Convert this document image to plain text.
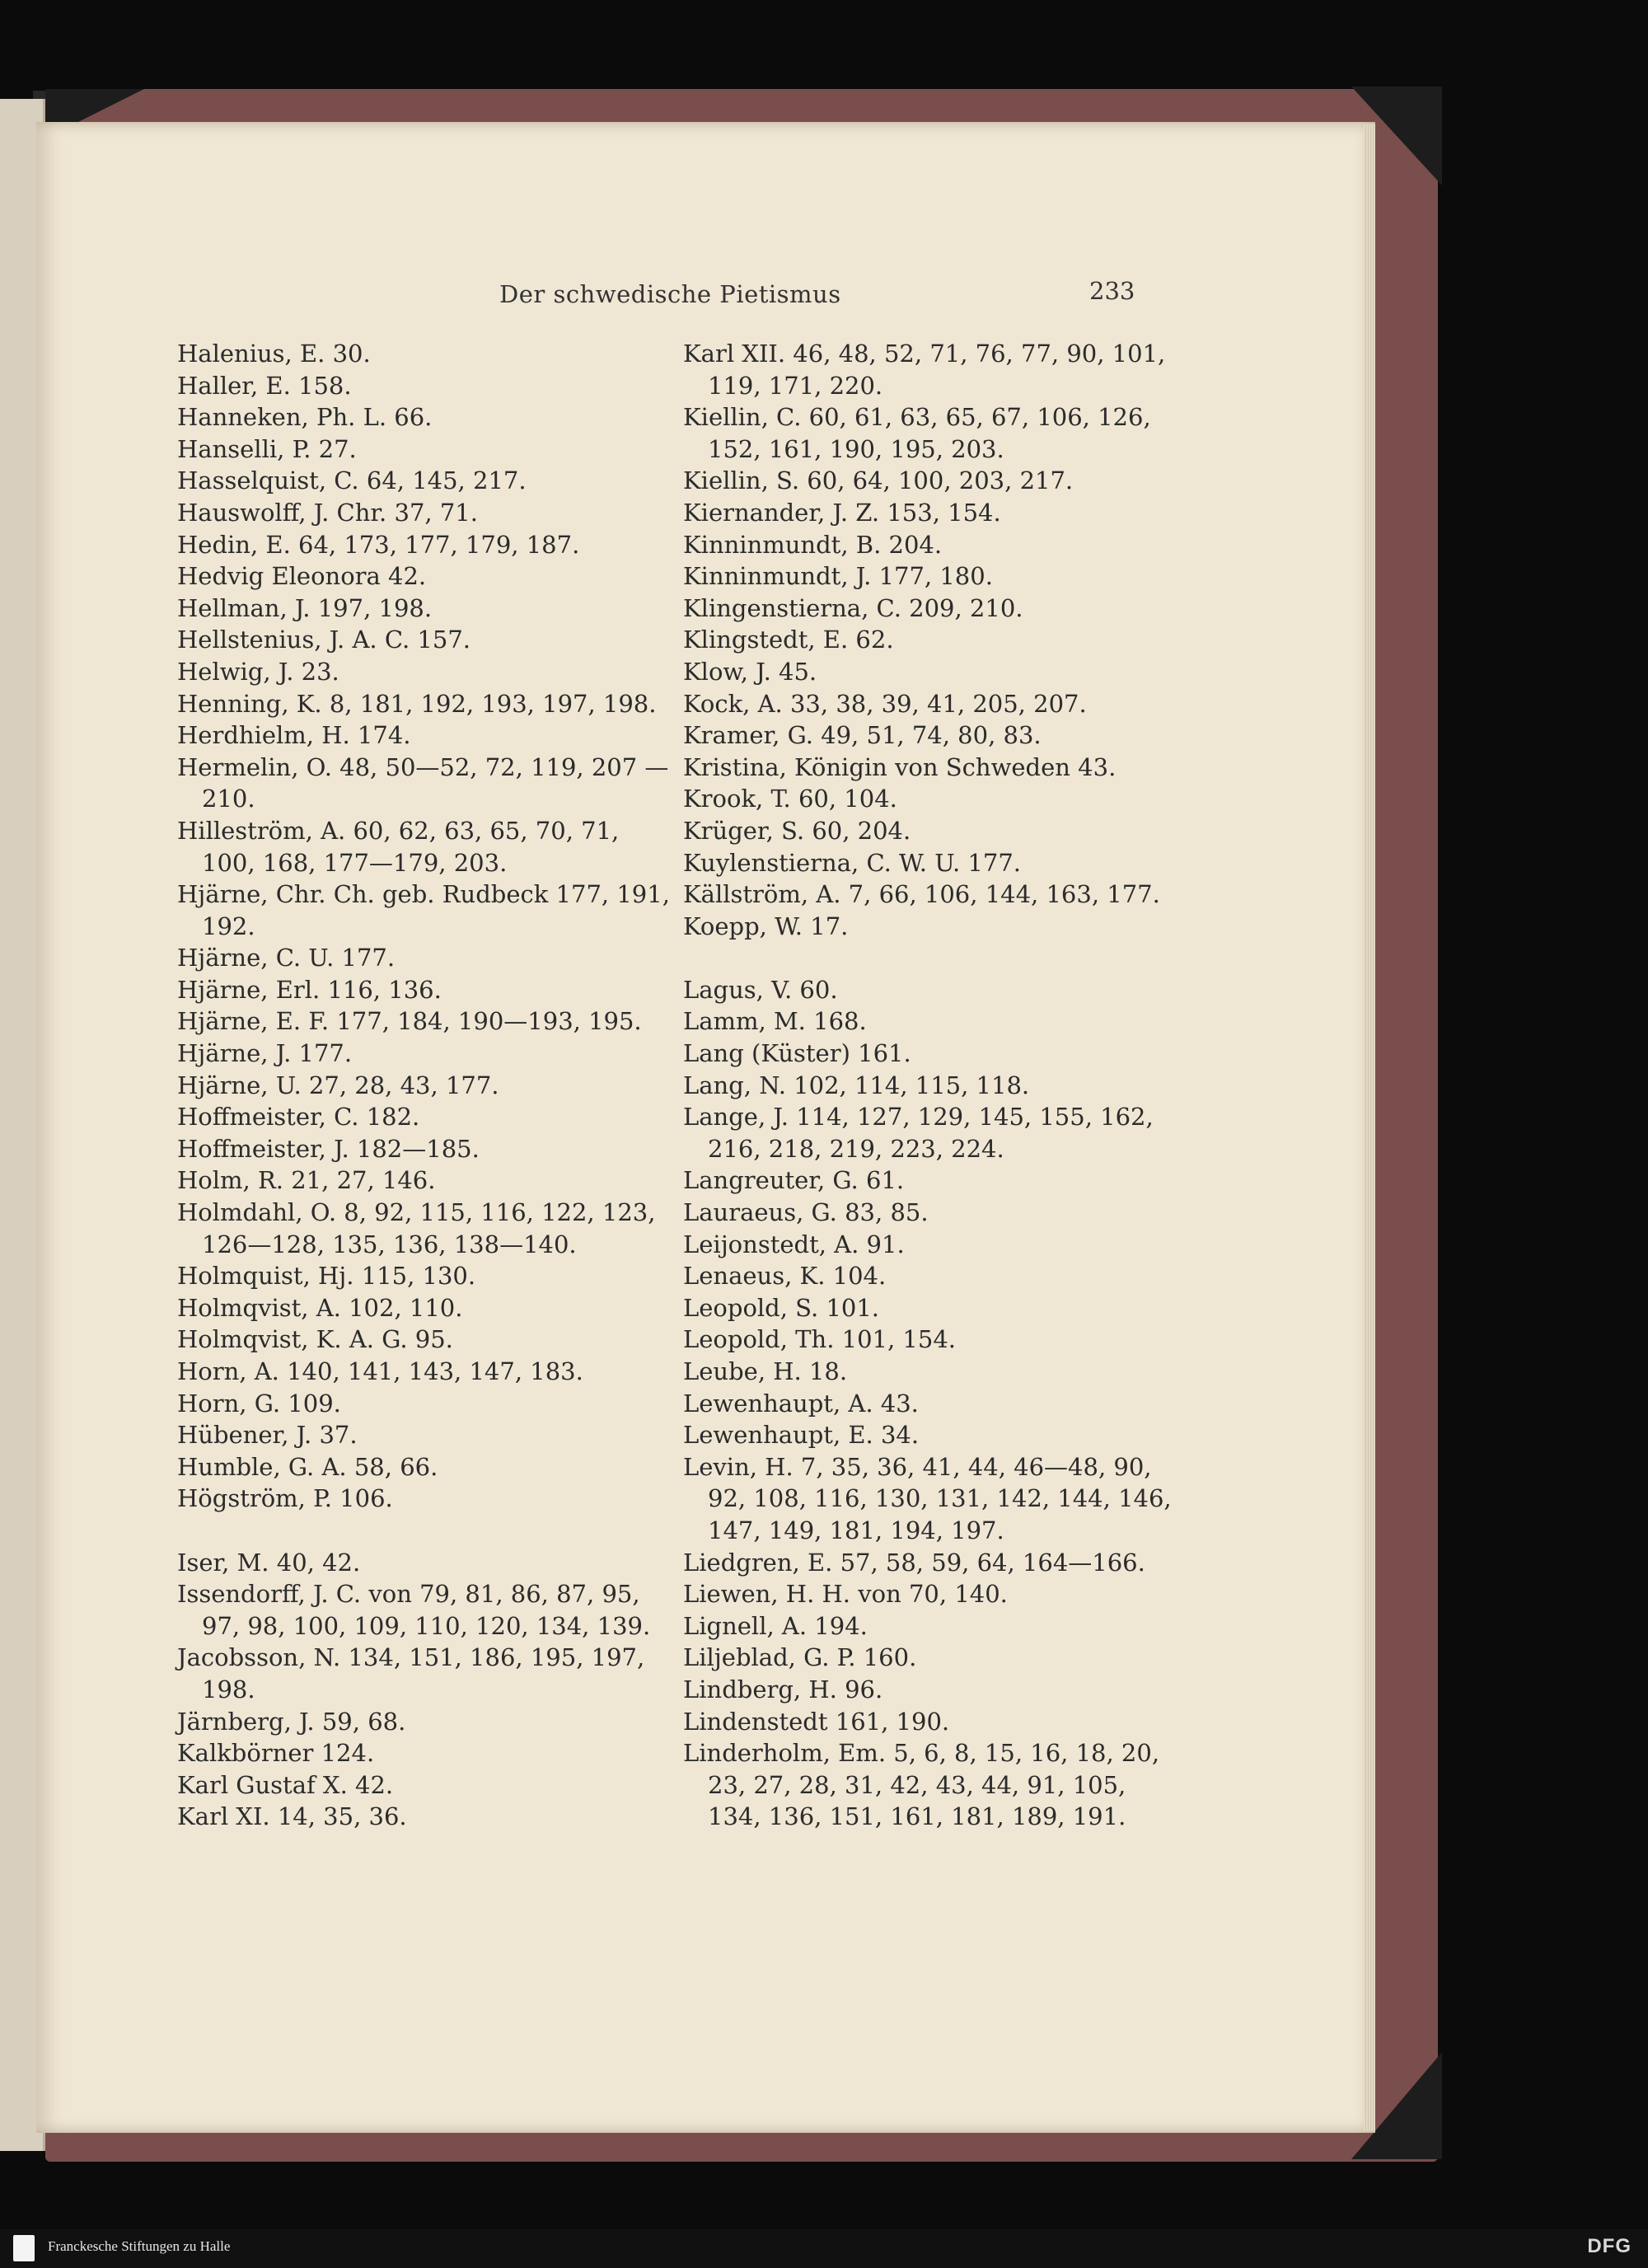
Der schwedische Pietismus	233
Halenius, E. 30.
Haller, E. 158.
Hanneken, Ph. L. 66.
Hanselli, P. 27.
Hasselquist, C. 64, 145, 217.
Hauswolff, J. Chr. 37, 71.
Hedin, E. 64, 173, 177, 179, 187.
Hedvig Eleonora 42.
Hellman, J. 197, 198.
Hellstenius, J. A. C. 157.
Helwig, J. 23.
Henning, K. 8, 181, 192, 193, 197, 198.
Herdhielm, H. 174.
Hermelin, O. 48, 50—52, 72, 119, 207 —210.
Hilleström, A. 60, 62, 63, 65, 70, 71, 100, 168, 177—179, 203.
Hjärne, Chr. Ch. geb. Rudbeck 177, 191, 192.
Hjärne, C. U. 177.
Hjärne, Erl. 116, 136.
Hjärne, E. F. 177, 184, 190—193, 195.
Hjärne, J. 177.
Hjärne, U. 27, 28, 43, 177.
Hoffmeister, C. 182.
Hoffmeister, J. 182—185.
Holm, R. 21, 27, 146.
Holmdahl, O. 8, 92, 115, 116, 122, 123, 126—128, 135, 136, 138—140.
Holmquist, Hj. 115, 130.
Holmqvist, A. 102, 110.
Holmqvist, K. A. G. 95.
Horn, A. 140, 141, 143, 147, 183.
Horn, G. 109.
Hübener, J. 37.
Humble, G. A. 58, 66.
Högström, P. 106.
Iser, M. 40, 42.
Issendorff, J. C. von 79, 81, 86, 87, 95, 97, 98, 100, 109, 110, 120, 134, 139.
Jacobsson, N. 134, 151, 186, 195, 197, 198.
Järnberg, J. 59, 68.
Kalkbörner 124.
Karl Gustaf X. 42.
Karl XI. 14, 35, 36.
Karl XII. 46, 48, 52, 71, 76, 77, 90, 101, 119, 171, 220.
Kiellin, C. 60, 61, 63, 65, 67, 106, 126, 152, 161, 190, 195, 203.
Kiellin, S. 60, 64, 100, 203, 217.
Kiernander, J. Z. 153, 154.
Kinninmundt, B. 204.
Kinninmundt, J. 177, 180.
Klingenstierna, C. 209, 210.
Klingstedt, E. 62.
Klow, J. 45.
Kock, A. 33, 38, 39, 41, 205, 207.
Kramer, G. 49, 51, 74, 80, 83.
Kristina, Königin von Schweden 43.
Krook, T. 60, 104.
Krüger, S. 60, 204.
Kuylenstierna, C. W. U. 177.
Källström, A. 7, 66, 106, 144, 163, 177.
Koepp, W. 17.
Lagus, V. 60.
Lamm, M. 168.
Lang (Küster) 161.
Lang, N. 102, 114, 115, 118.
Lange, J. 114, 127, 129, 145, 155, 162, 216, 218, 219, 223, 224.
Langreuter, G. 61.
Lauraeus, G. 83, 85.
Leijonstedt, A. 91.
Lenaeus, K. 104.
Leopold, S. 101.
Leopold, Th. 101, 154.
Leube, H. 18.
Lewenhaupt, A. 43.
Lewenhaupt, E. 34.
Levin, H. 7, 35, 36, 41, 44, 46—48, 90, 92, 108, 116, 130, 131, 142, 144, 146, 147, 149, 181, 194, 197.
Liedgren, E. 57, 58, 59, 64, 164—166.
Liewen, H. H. von 70, 140.
Lignell, A. 194.
Liljeblad, G. P. 160.
Lindberg, H. 96.
Lindenstedt 161, 190.
Linderholm, Em. 5, 6, 8, 15, 16, 18, 20, 23, 27, 28, 31, 42, 43, 44, 91, 105, 134, 136, 151, 161, 181, 189, 191.
Franckesche Stiftungen zu Halle	DFG
